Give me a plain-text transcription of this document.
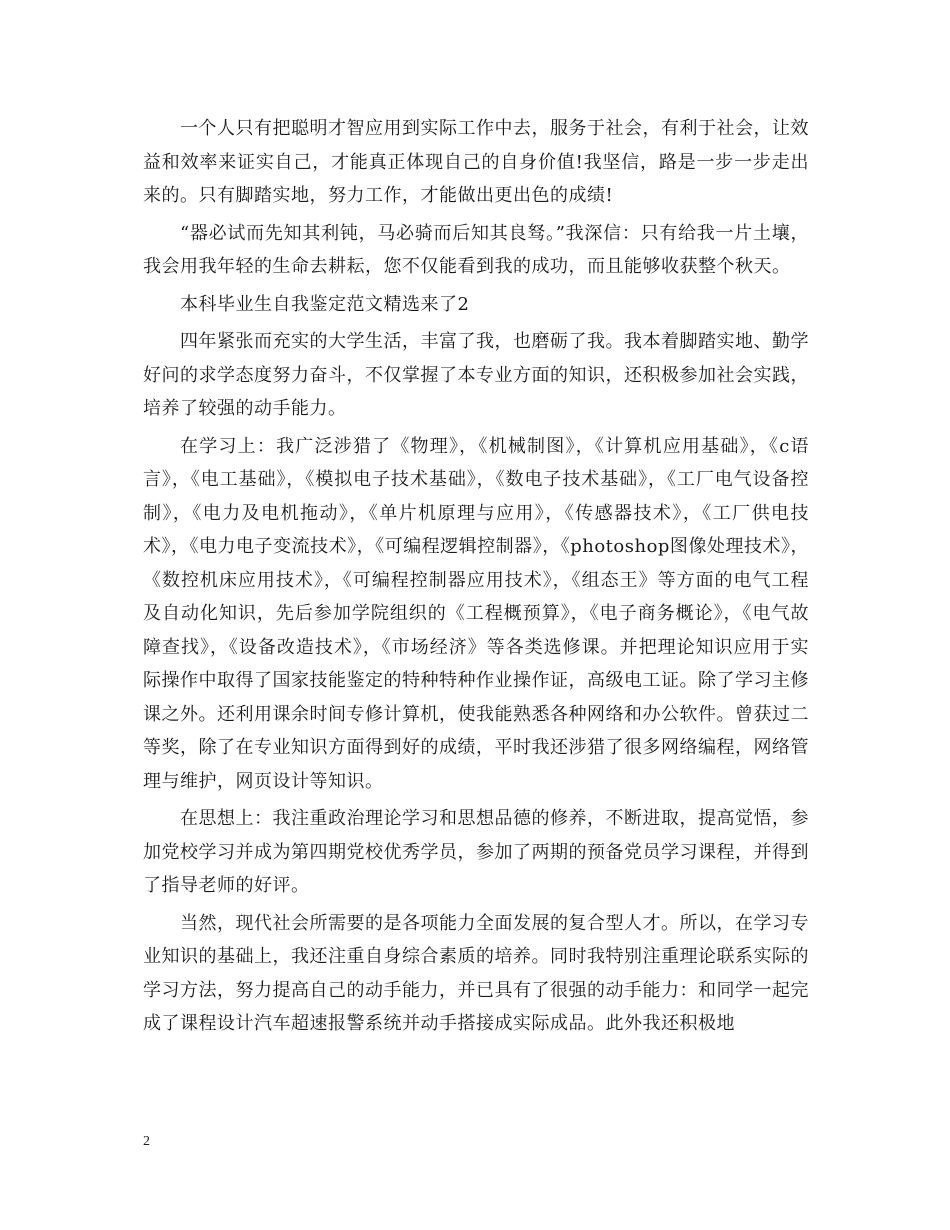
一个人只有把聪明才智应用到实际工作中去，服务于社会，有利于社会，让效益和效率来证实自己，才能真正体现自己的自身价值!我坚信，路是一步一步走出来的。只有脚踏实地，努力工作，才能做出更出色的成绩!

“器必试而先知其利钝，马必骑而后知其良驽。”我深信：只有给我一片土壤，我会用我年轻的生命去耕耘，您不仅能看到我的成功，而且能够收获整个秋天。

本科毕业生自我鉴定范文精选来了2

四年紧张而充实的大学生活，丰富了我，也磨砺了我。我本着脚踏实地、勤学好问的求学态度努力奋斗，不仅掌握了本专业方面的知识，还积极参加社会实践，培养了较强的动手能力。

在学习上：我广泛涉猎了《物理》，《机械制图》，《计算机应用基础》，《c语言》，《电工基础》，《模拟电子技术基础》，《数电子技术基础》，《工厂电气设备控制》，《电力及电机拖动》，《单片机原理与应用》，《传感器技术》，《工厂供电技术》，《电力电子变流技术》，《可编程逻辑控制器》，《photoshop图像处理技术》，《数控机床应用技术》，《可编程控制器应用技术》，《组态王》等方面的电气工程及自动化知识，先后参加学院组织的《工程概预算》，《电子商务概论》，《电气故障查找》，《设备改造技术》，《市场经济》等各类选修课。并把理论知识应用于实际操作中取得了国家技能鉴定的特种特种作业操作证，高级电工证。除了学习主修课之外。还利用课余时间专修计算机，使我能熟悉各种网络和办公软件。曾获过二等奖，除了在专业知识方面得到好的成绩，平时我还涉猎了很多网络编程，网络管理与维护，网页设计等知识。

在思想上：我注重政治理论学习和思想品德的修养，不断进取，提高觉悟，参加党校学习并成为第四期党校优秀学员，参加了两期的预备党员学习课程，并得到了指导老师的好评。

当然，现代社会所需要的是各项能力全面发展的复合型人才。所以，在学习专业知识的基础上，我还注重自身综合素质的培养。同时我特别注重理论联系实际的学习方法，努力提高自己的动手能力，并已具有了很强的动手能力：和同学一起完成了课程设计汽车超速报警系统并动手搭接成实际成品。此外我还积极地

2
